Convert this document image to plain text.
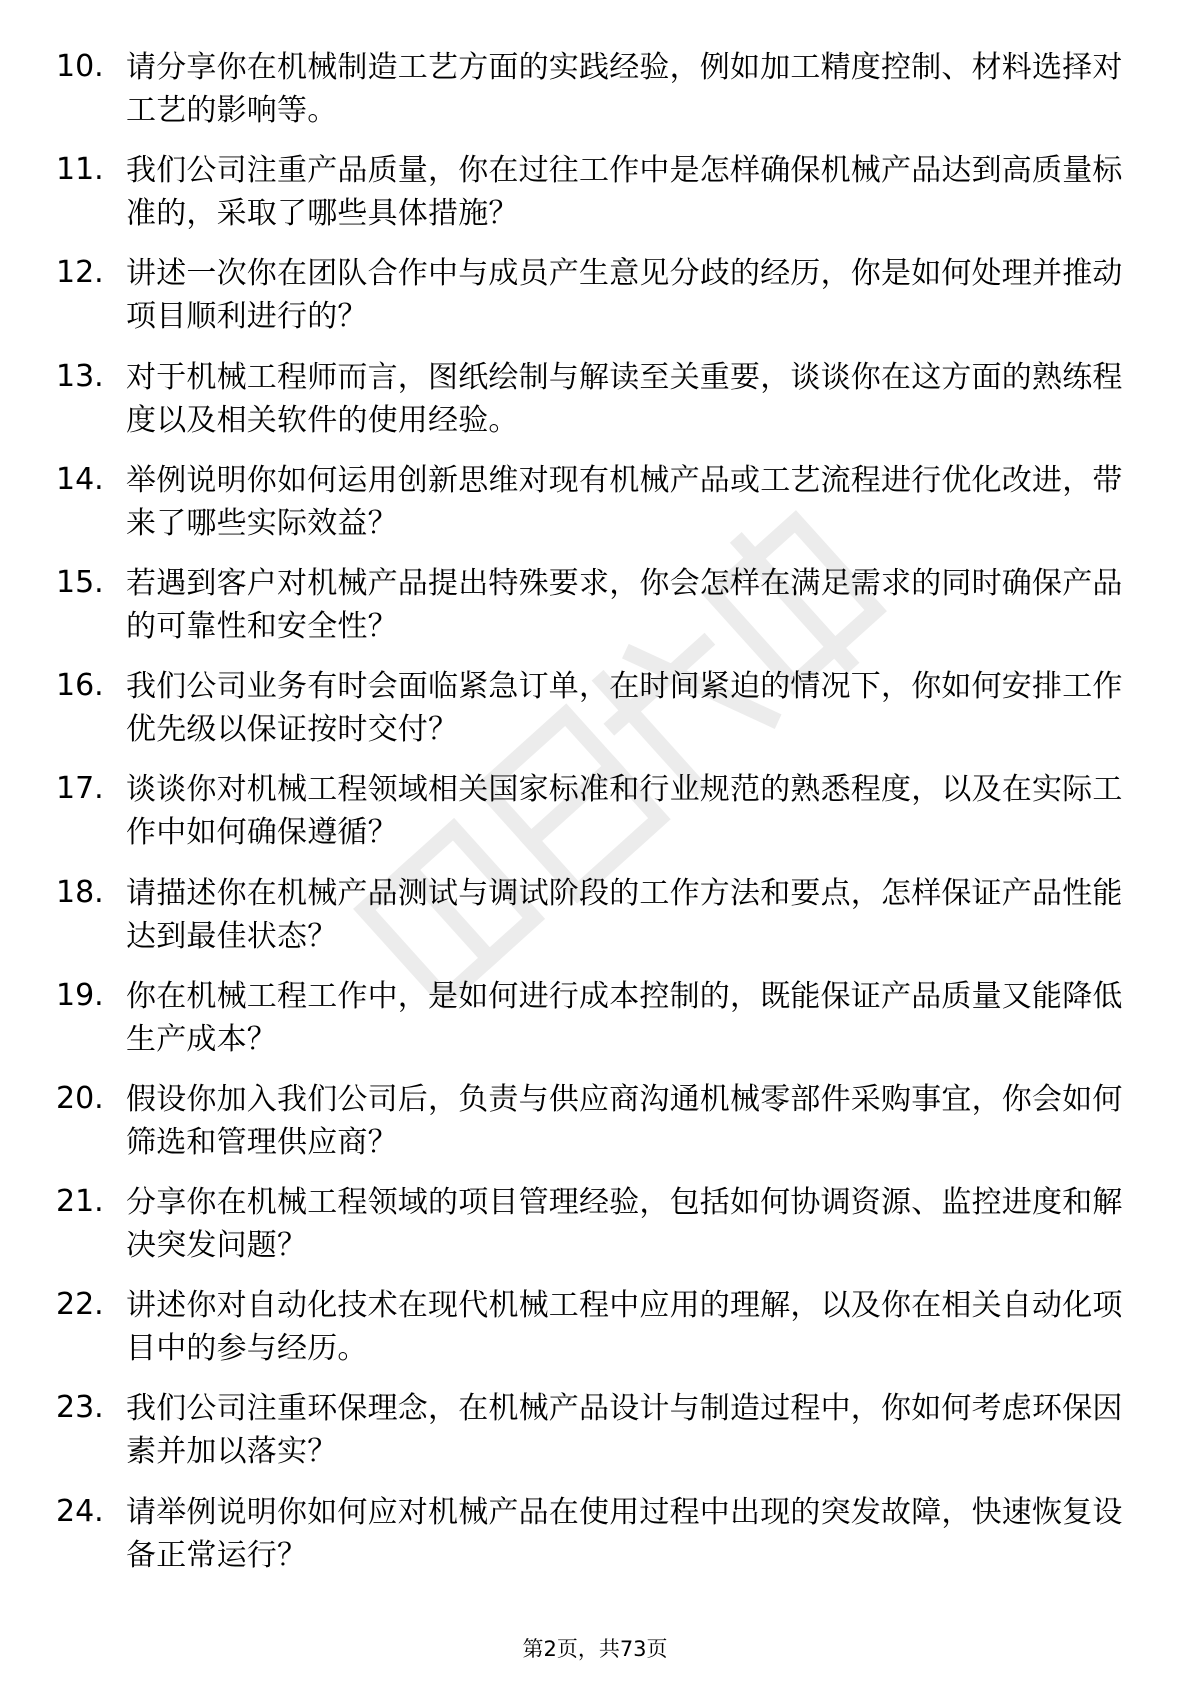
10. 请分享你在机械制造工艺方面的实践经验，例如加工精度控制、材料选择对工艺的影响等。
11. 我们公司注重产品质量，你在过往工作中是怎样确保机械产品达到高质量标准的，采取了哪些具体措施？
12. 讲述一次你在团队合作中与成员产生意见分歧的经历，你是如何处理并推动项目顺利进行的？
13. 对于机械工程师而言，图纸绘制与解读至关重要，谈谈你在这方面的熟练程度以及相关软件的使用经验。
14. 举例说明你如何运用创新思维对现有机械产品或工艺流程进行优化改进，带来了哪些实际效益？
15. 若遇到客户对机械产品提出特殊要求，你会怎样在满足需求的同时确保产品的可靠性和安全性？
16. 我们公司业务有时会面临紧急订单，在时间紧迫的情况下，你如何安排工作优先级以保证按时交付？
17. 谈谈你对机械工程领域相关国家标准和行业规范的熟悉程度，以及在实际工作中如何确保遵循？
18. 请描述你在机械产品测试与调试阶段的工作方法和要点，怎样保证产品性能达到最佳状态？
19. 你在机械工程工作中，是如何进行成本控制的，既能保证产品质量又能降低生产成本？
20. 假设你加入我们公司后，负责与供应商沟通机械零部件采购事宜，你会如何筛选和管理供应商？
21. 分享你在机械工程领域的项目管理经验，包括如何协调资源、监控进度和解决突发问题？
22. 讲述你对自动化技术在现代机械工程中应用的理解，以及你在相关自动化项目中的参与经历。
23. 我们公司注重环保理念，在机械产品设计与制造过程中，你如何考虑环保因素并加以落实？
24. 请举例说明你如何应对机械产品在使用过程中出现的突发故障，快速恢复设备正常运行？
第2页，共73页
